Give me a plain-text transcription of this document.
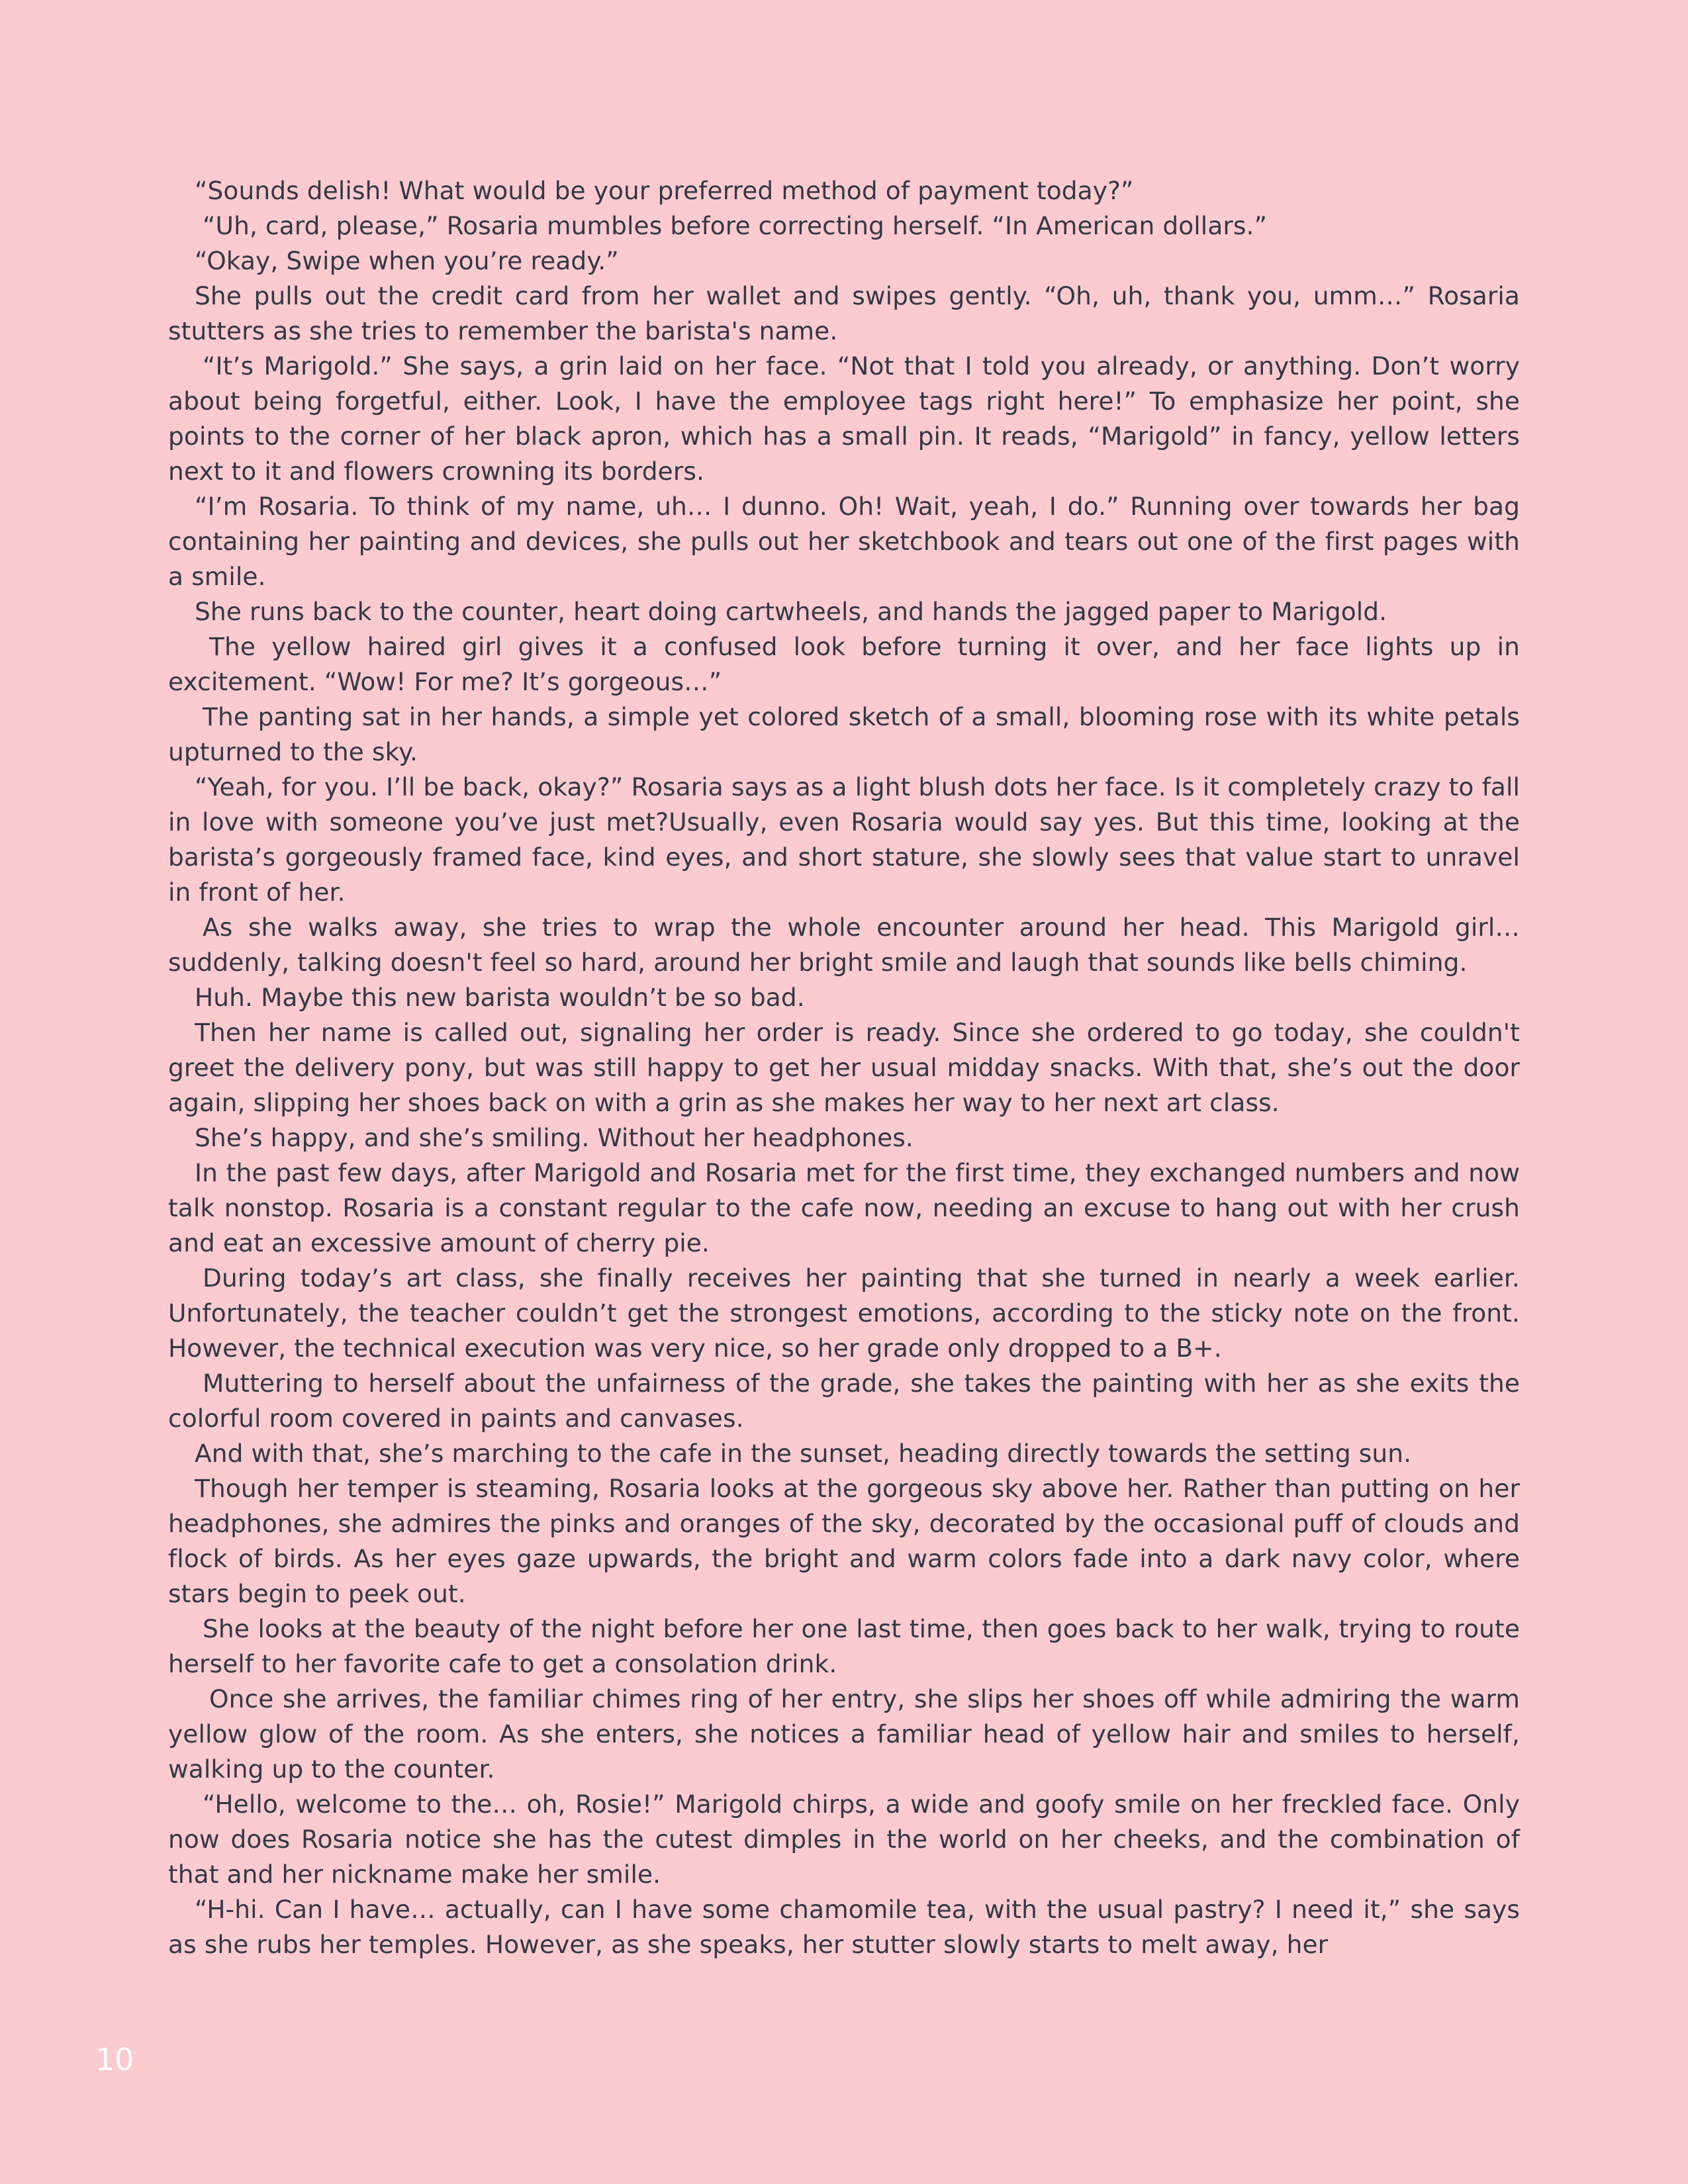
“Sounds delish! What would be your preferred method of payment today?”

“Uh, card, please,” Rosaria mumbles before correcting herself. “In American dollars.”

“Okay, Swipe when you’re ready.”

She pulls out the credit card from her wallet and swipes gently. “Oh, uh, thank you, umm…” Rosaria stutters as she tries to remember the barista's name.

“It’s Marigold.” She says, a grin laid on her face. “Not that I told you already, or anything. Don’t worry about being forgetful, either. Look, I have the employee tags right here!” To emphasize her point, she points to the corner of her black apron, which has a small pin. It reads, “Marigold” in fancy, yellow letters next to it and flowers crowning its borders.

“I’m Rosaria. To think of my name, uh… I dunno. Oh! Wait, yeah, I do.” Running over towards her bag containing her painting and devices, she pulls out her sketchbook and tears out one of the first pages with a smile.

She runs back to the counter, heart doing cartwheels, and hands the jagged paper to Marigold.

The yellow haired girl gives it a confused look before turning it over, and her face lights up in excitement. “Wow! For me? It’s gorgeous…”

The panting sat in her hands, a simple yet colored sketch of a small, blooming rose with its white petals upturned to the sky.

“Yeah, for you. I’ll be back, okay?” Rosaria says as a light blush dots her face. Is it completely crazy to fall in love with someone you’ve just met?Usually, even Rosaria would say yes. But this time, looking at the barista’s gorgeously framed face, kind eyes, and short stature, she slowly sees that value start to unravel in front of her.

As she walks away, she tries to wrap the whole encounter around her head. This Marigold girl… suddenly, talking doesn't feel so hard, around her bright smile and laugh that sounds like bells chiming.

Huh. Maybe this new barista wouldn’t be so bad.

Then her name is called out, signaling her order is ready. Since she ordered to go today, she couldn't greet the delivery pony, but was still happy to get her usual midday snacks. With that, she’s out the door again, slipping her shoes back on with a grin as she makes her way to her next art class.

She’s happy, and she’s smiling. Without her headphones.

In the past few days, after Marigold and Rosaria met for the first time, they exchanged numbers and now talk nonstop. Rosaria is a constant regular to the cafe now, needing an excuse to hang out with her crush and eat an excessive amount of cherry pie.

During today’s art class, she finally receives her painting that she turned in nearly a week earlier. Unfortunately, the teacher couldn’t get the strongest emotions, according to the sticky note on the front. However, the technical execution was very nice, so her grade only dropped to a B+.

Muttering to herself about the unfairness of the grade, she takes the painting with her as she exits the colorful room covered in paints and canvases.

And with that, she’s marching to the cafe in the sunset, heading directly towards the setting sun.

Though her temper is steaming, Rosaria looks at the gorgeous sky above her. Rather than putting on her headphones, she admires the pinks and oranges of the sky, decorated by the occasional puff of clouds and flock of birds. As her eyes gaze upwards, the bright and warm colors fade into a dark navy color, where stars begin to peek out.

She looks at the beauty of the night before her one last time, then goes back to her walk, trying to route herself to her favorite cafe to get a consolation drink.

Once she arrives, the familiar chimes ring of her entry, she slips her shoes off while admiring the warm yellow glow of the room. As she enters, she notices a familiar head of yellow hair and smiles to herself, walking up to the counter.

“Hello, welcome to the… oh, Rosie!” Marigold chirps, a wide and goofy smile on her freckled face. Only now does Rosaria notice she has the cutest dimples in the world on her cheeks, and the combination of that and her nickname make her smile.

“H-hi. Can I have… actually, can I have some chamomile tea, with the usual pastry? I need it,” she says as she rubs her temples. However, as she speaks, her stutter slowly starts to melt away, her

10
